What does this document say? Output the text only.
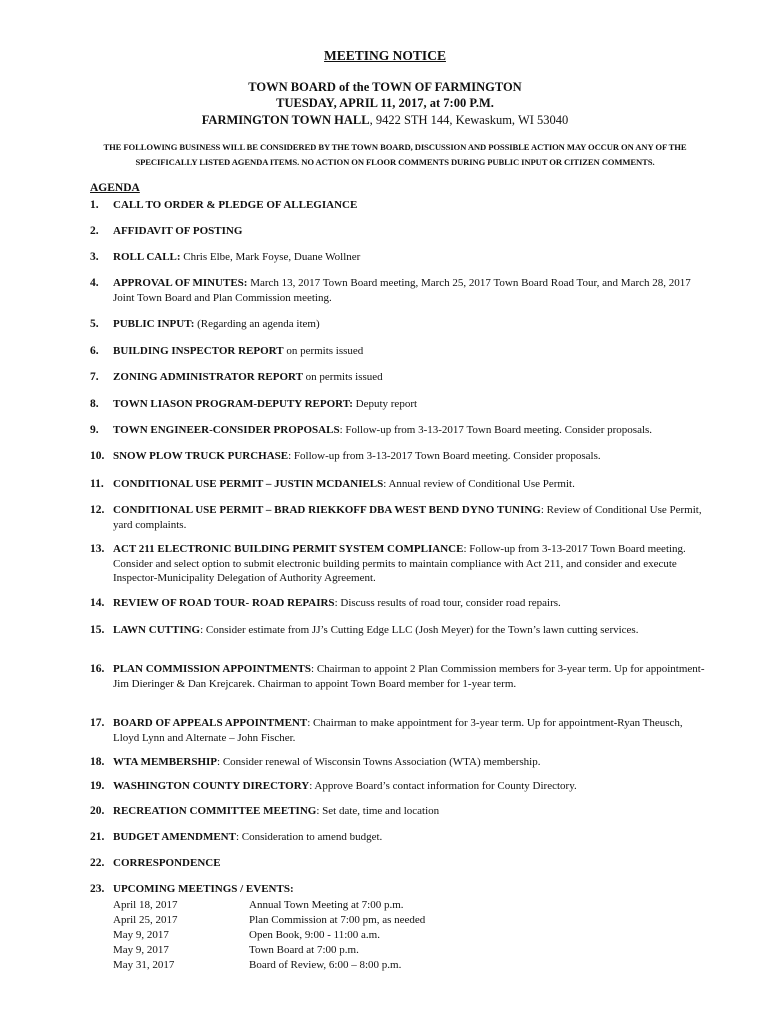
MEETING NOTICE
TOWN BOARD of the TOWN OF FARMINGTON
TUESDAY, APRIL 11, 2017, at 7:00 P.M.
FARMINGTON TOWN HALL, 9422 STH 144, Kewaskum, WI 53040
THE FOLLOWING BUSINESS WILL BE CONSIDERED BY THE TOWN BOARD, DISCUSSION AND POSSIBLE ACTION MAY OCCUR ON ANY OF THE
SPECIFICALLY LISTED AGENDA ITEMS. NO ACTION ON FLOOR COMMENTS DURING PUBLIC INPUT OR CITIZEN COMMENTS.
AGENDA
1.	CALL TO ORDER & PLEDGE OF ALLEGIANCE
2.	AFFIDAVIT OF POSTING
3.	ROLL CALL: Chris Elbe, Mark Foyse, Duane Wollner
4.	APPROVAL OF MINUTES: March 13, 2017 Town Board meeting, March 25, 2017 Town Board Road Tour, and March 28, 2017 Joint Town Board and Plan Commission meeting.
5.	PUBLIC INPUT: (Regarding an agenda item)
6.	BUILDING INSPECTOR REPORT on permits issued
7.	ZONING ADMINISTRATOR REPORT on permits issued
8.	TOWN LIASON PROGRAM-DEPUTY REPORT: Deputy report
9.	TOWN ENGINEER-CONSIDER PROPOSALS: Follow-up from 3-13-2017 Town Board meeting. Consider proposals.
10. SNOW PLOW TRUCK PURCHASE: Follow-up from 3-13-2017 Town Board meeting. Consider proposals.
11. CONDITIONAL USE PERMIT – JUSTIN MCDANIELS: Annual review of Conditional Use Permit.
12. CONDITIONAL USE PERMIT – BRAD RIEKKOFF DBA WEST BEND DYNO TUNING: Review of Conditional Use Permit, yard complaints.
13. ACT 211 ELECTRONIC BUILDING PERMIT SYSTEM COMPLIANCE: Follow-up from 3-13-2017 Town Board meeting. Consider and select option to submit electronic building permits to maintain compliance with Act 211, and consider and execute Inspector-Municipality Delegation of Authority Agreement.
14. REVIEW OF ROAD TOUR- ROAD REPAIRS: Discuss results of road tour, consider road repairs.
15. LAWN CUTTING: Consider estimate from JJ’s Cutting Edge LLC (Josh Meyer) for the Town’s lawn cutting services.
16. PLAN COMMISSION APPOINTMENTS: Chairman to appoint 2 Plan Commission members for 3-year term. Up for appointment-Jim Dieringer & Dan Krejcarek. Chairman to appoint Town Board member for 1-year term.
17. BOARD OF APPEALS APPOINTMENT: Chairman to make appointment for 3-year term. Up for appointment-Ryan Theusch, Lloyd Lynn and Alternate – John Fischer.
18. WTA MEMBERSHIP: Consider renewal of Wisconsin Towns Association (WTA) membership.
19. WASHINGTON COUNTY DIRECTORY: Approve Board’s contact information for County Directory.
20. RECREATION COMMITTEE MEETING: Set date, time and location
21. BUDGET AMENDMENT: Consideration to amend budget.
22. CORRESPONDENCE
23. UPCOMING MEETINGS / EVENTS:
April 18, 2017	Annual Town Meeting at 7:00 p.m.
April 25, 2017	Plan Commission at 7:00 pm, as needed
May 9, 2017	Open Book, 9:00 - 11:00 a.m.
May 9, 2017	Town Board at 7:00 p.m.
May 31, 2017	Board of Review, 6:00 – 8:00 p.m.
